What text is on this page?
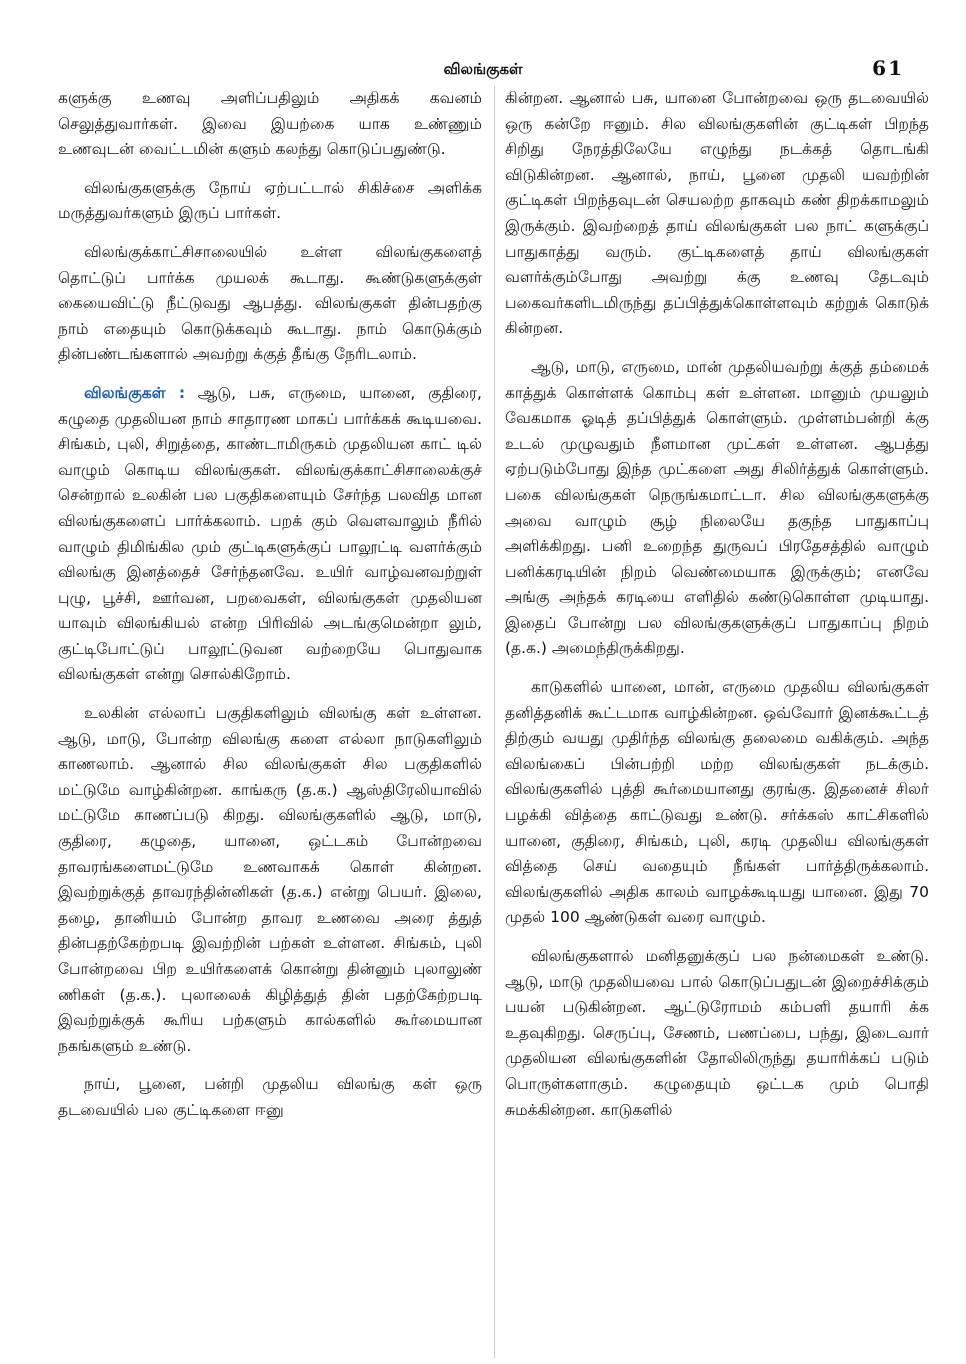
விலங்குகள்	61

களுக்கு உணவு அளிப்பதிலும் அதிகக் கவனம் செலுத்துவார்கள். இவை இயற்கை யாக உண்ணும் உணவுடன் வைட்டமின் களும் கலந்து கொடுப்பதுண்டு.

விலங்குகளுக்கு நோய் ஏற்பட்டால் சிகிச்சை அளிக்க மருத்துவர்களும் இருப் பார்கள்.

விலங்குக்காட்சிசாலையில் உள்ள விலங்குகளைத் தொட்டுப் பார்க்க முயலக் கூடாது. கூண்டுகளுக்குள் கையைவிட்டு நீட்டுவது ஆபத்து. விலங்குகள் தின்பதற்கு நாம் எதையும் கொடுக்கவும் கூடாது. நாம் கொடுக்கும் தின்பண்டங்களால் அவற்று க்குத் தீங்கு நேரிடலாம்.

விலங்குகள் : ஆடு, பசு, எருமை, யானை, குதிரை, கழுதை முதலியன நாம் சாதாரண மாகப் பார்க்கக் கூடியவை. சிங்கம், புலி, சிறுத்தை, காண்டாமிருகம் முதலியன காட் டில் வாழும் கொடிய விலங்குகள். விலங்குக்காட்சிசாலைக்குச் சென்றால் உலகின் பல பகுதிகளையும் சேர்ந்த பலவித மான விலங்குகளைப் பார்க்கலாம். பறக் கும் வௌவாலும் நீரில் வாழும் திமிங்கில மும் குட்டிகளுக்குப் பாலூட்டி வளர்க்கும் விலங்கு இனத்தைச் சேர்ந்தனவே. உயிர் வாழ்வனவற்றுள் புழு, பூச்சி, ஊர்வன, பறவைகள், விலங்குகள் முதலியன யாவும் விலங்கியல் என்ற பிரிவில் அடங்குமென்றா லும், குட்டிபோட்டுப் பாலூட்டுவன வற்றையே பொதுவாக விலங்குகள் என்று சொல்கிறோம்.

உலகின் எல்லாப் பகுதிகளிலும் விலங்கு கள் உள்ளன. ஆடு, மாடு, போன்ற விலங்கு களை எல்லா நாடுகளிலும் காணலாம். ஆனால் சில விலங்குகள் சில பகுதிகளில் மட்டுமே வாழ்கின்றன. காங்கரு (த.க.) ஆஸ்திரேலியாவில் மட்டுமே காணப்படு கிறது. விலங்குகளில் ஆடு, மாடு, குதிரை, கழுதை, யானை, ஒட்டகம் போன்றவை தாவரங்களைமட்டுமே உணவாகக் கொள் கின்றன. இவற்றுக்குத் தாவரந்தின்னிகள் (த.க.) என்று பெயர். இலை, தழை, தானியம் போன்ற தாவர உணவை அரை த்துத் தின்பதற்கேற்றபடி இவற்றின் பற்கள் உள்ளன. சிங்கம், புலி போன்றவை பிற உயிர்களைக் கொன்று தின்னும் புலாலுண் ணிகள் (த.க.). புலாலைக் கிழித்துத் தின் பதற்கேற்றபடி இவற்றுக்குக் கூரிய பற்களும் கால்களில் கூர்மையான நகங்களும் உண்டு.

நாய், பூனை, பன்றி முதலிய விலங்கு கள் ஒரு தடவையில் பல குட்டிகளை ஈனு

கின்றன. ஆனால் பசு, யானை போன்றவை ஒரு தடவையில் ஒரு கன்றே ஈனும். சில விலங்குகளின் குட்டிகள் பிறந்த சிறிது நேரத்திலேயே எழுந்து நடக்கத் தொடங்கி விடுகின்றன. ஆனால், நாய், பூனை முதலி யவற்றின் குட்டிகள் பிறந்தவுடன் செயலற்ற தாகவும் கண் திறக்காமலும் இருக்கும். இவற்றைத் தாய் விலங்குகள் பல நாட் களுக்குப் பாதுகாத்து வரும். குட்டிகளைத் தாய் விலங்குகள் வளர்க்கும்போது அவற்று க்கு உணவு தேடவும் பகைவர்களிடமிருந்து தப்பித்துக்கொள்ளவும் கற்றுக் கொடுக் கின்றன.

ஆடு, மாடு, எருமை, மான் முதலியவற்று க்குத் தம்மைக் காத்துக் கொள்ளக் கொம்பு கள் உள்ளன. மானும் முயலும் வேகமாக ஓடித் தப்பித்துக் கொள்ளும். முள்ளம்பன்றி க்கு உடல் முழுவதும் நீளமான முட்கள் உள்ளன. ஆபத்து ஏற்படும்போது இந்த முட்களை அது சிலிர்த்துக் கொள்ளும். பகை விலங்குகள் நெருங்கமாட்டா. சில விலங்குகளுக்கு அவை வாழும் சூழ் நிலையே தகுந்த பாதுகாப்பு அளிக்கிறது. பனி உறைந்த துருவப் பிரதேசத்தில் வாழும் பனிக்கரடியின் நிறம் வெண்மையாக இருக்கும்; எனவே அங்கு அந்தக் கரடியை எளிதில் கண்டுகொள்ள முடியாது. இதைப் போன்று பல விலங்குகளுக்குப் பாதுகாப்பு நிறம் (த.க.) அமைந்திருக்கிறது.

காடுகளில் யானை, மான், எருமை முதலிய விலங்குகள் தனித்தனிக் கூட்டமாக வாழ்கின்றன. ஒவ்வோர் இனக்கூட்டத் திற்கும் வயது முதிர்ந்த விலங்கு தலைமை வகிக்கும். அந்த விலங்கைப் பின்பற்றி மற்ற விலங்குகள் நடக்கும். விலங்குகளில் புத்தி கூர்மையானது குரங்கு. இதனைச் சிலர் பழக்கி வித்தை காட்டுவது உண்டு. சர்க்கஸ் காட்சிகளில் யானை, குதிரை, சிங்கம், புலி, கரடி முதலிய விலங்குகள் வித்தை செய் வதையும் நீங்கள் பார்த்திருக்கலாம். விலங்குகளில் அதிக காலம் வாழக்கூடியது யானை. இது 70 முதல் 100 ஆண்டுகள் வரை வாழும்.

விலங்குகளால் மனிதனுக்குப் பல நன்மைகள் உண்டு. ஆடு, மாடு முதலியவை பால் கொடுப்பதுடன் இறைச்சிக்கும் பயன் படுகின்றன. ஆட்டுரோமம் கம்பளி தயாரி க்க உதவுகிறது. செருப்பு, சேணம், பணப்பை, பந்து, இடைவார் முதலியன விலங்குகளின் தோலிலிருந்து தயாரிக்கப் படும் பொருள்களாகும். கழுதையும் ஒட்டக மும் பொதி சுமக்கின்றன. காடுகளில்
